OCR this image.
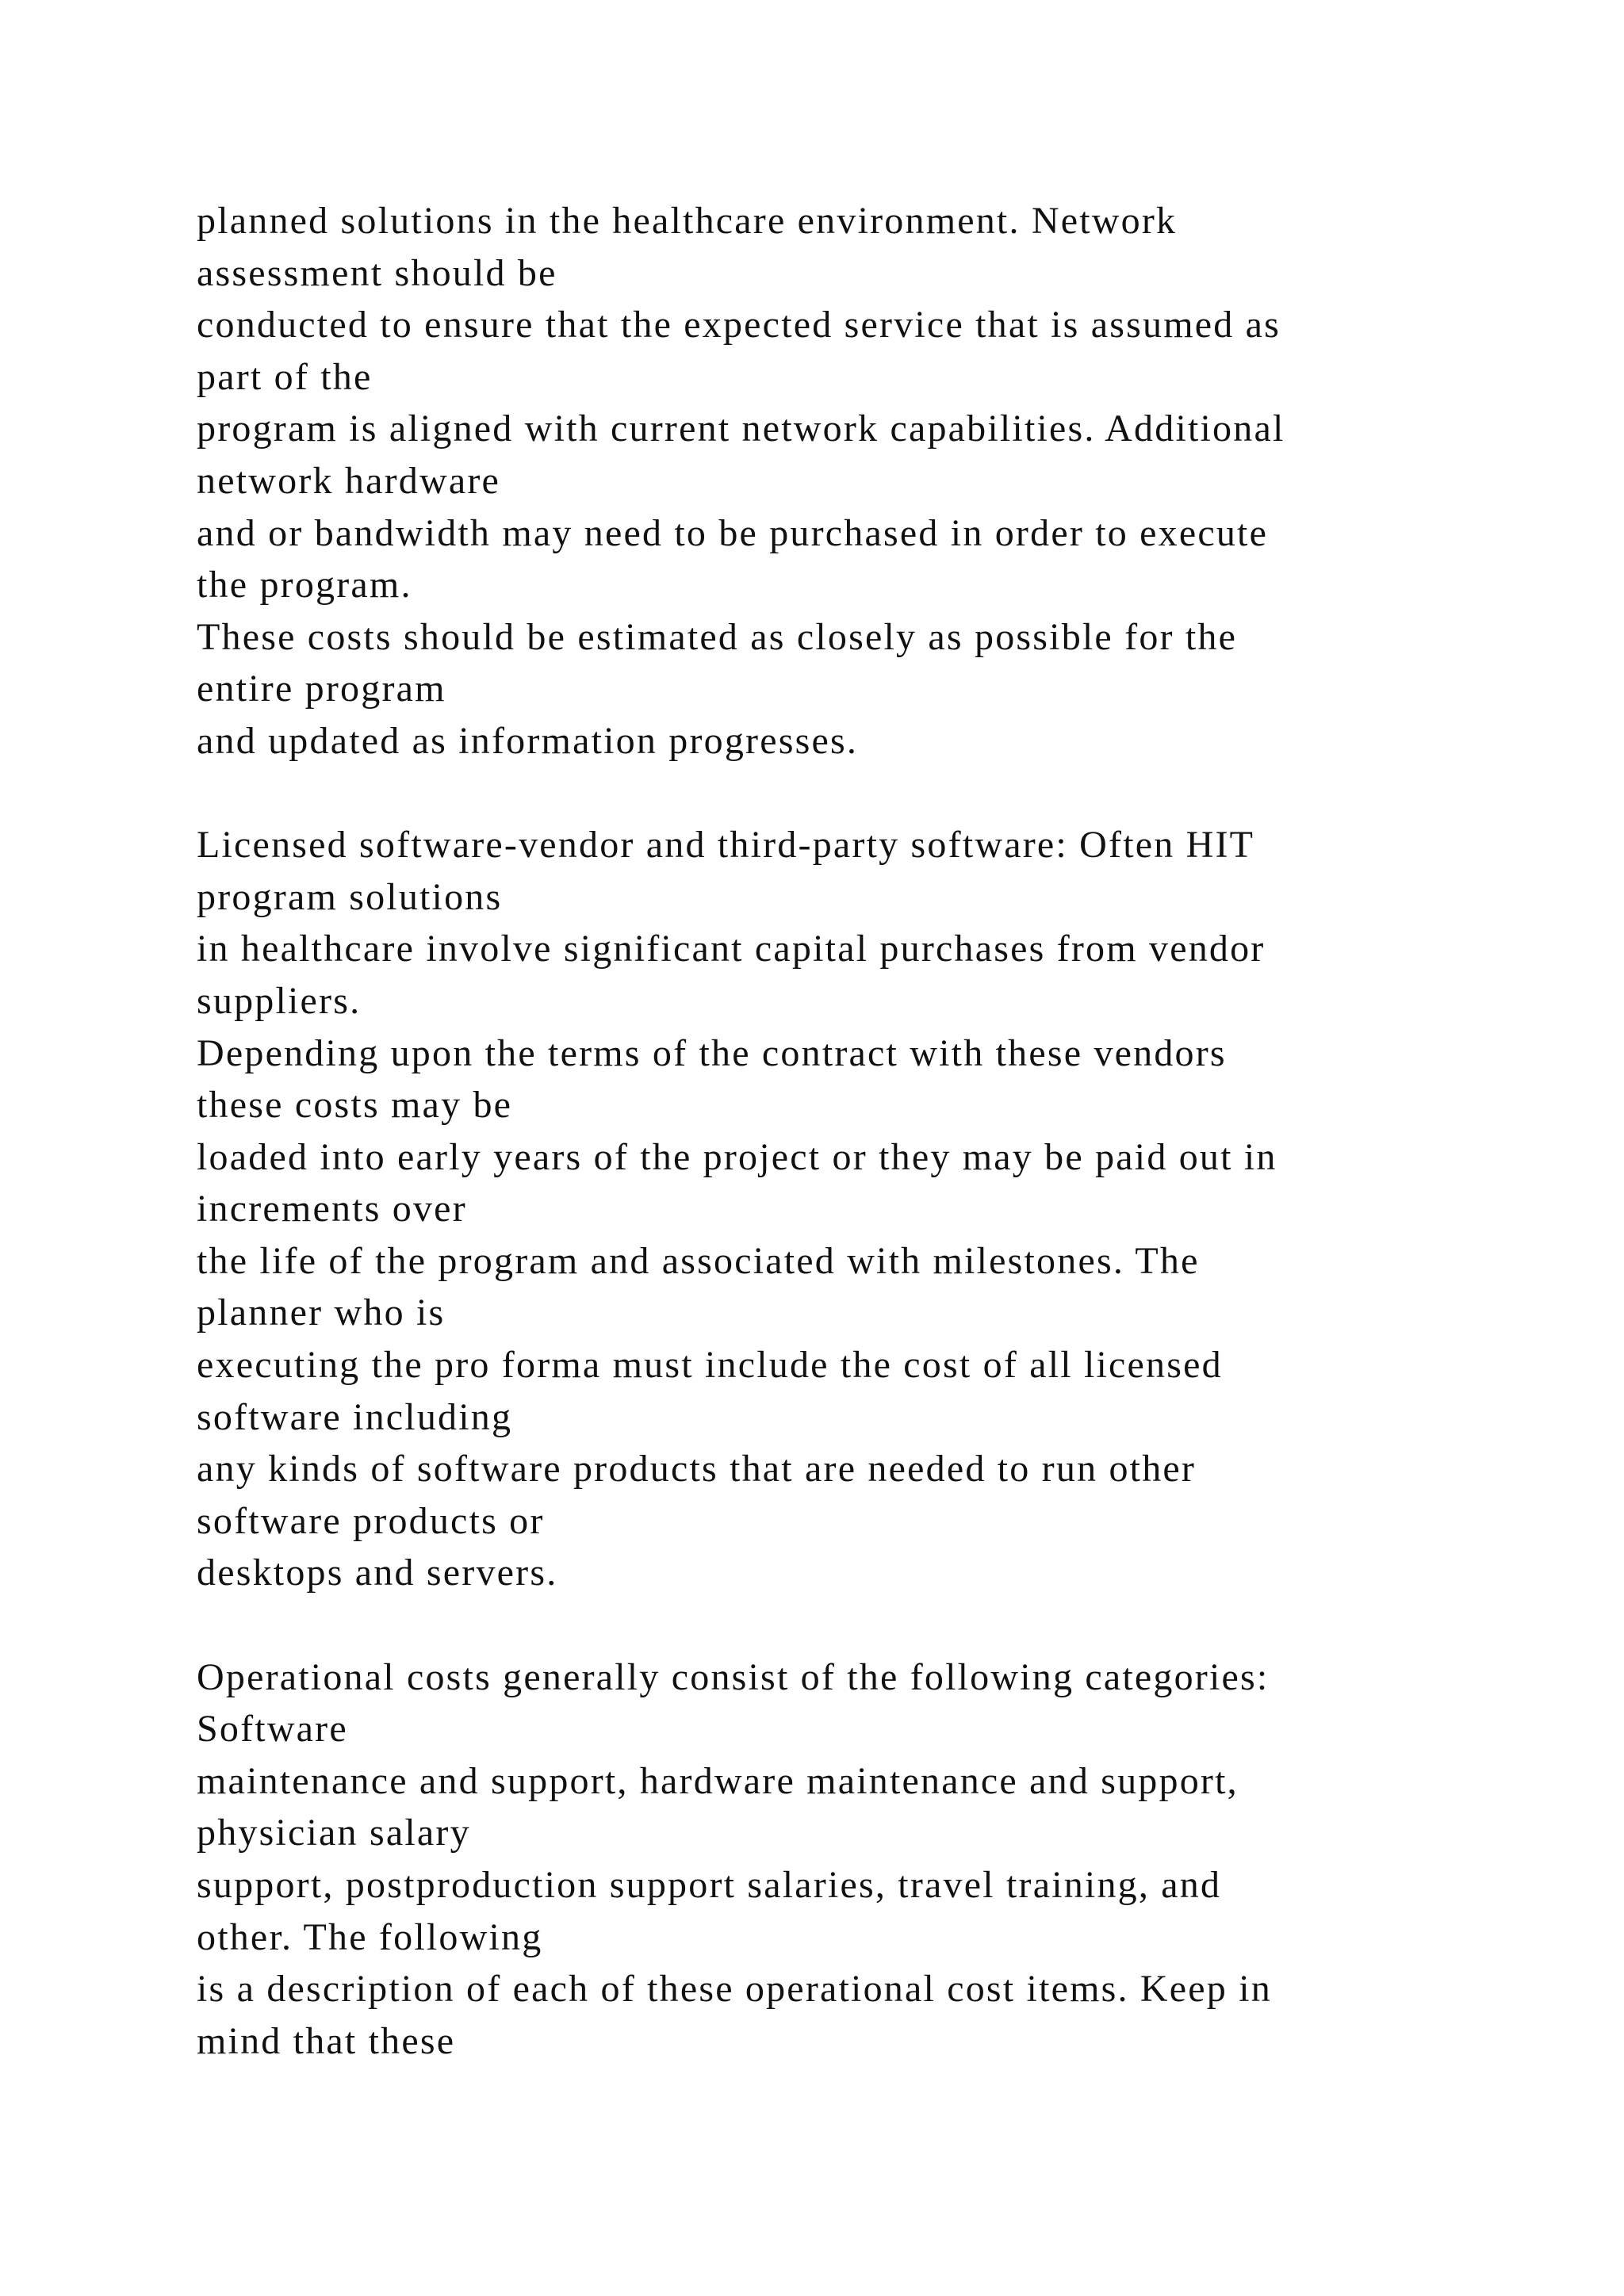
planned solutions in the healthcare environment. Network
assessment should be
conducted to ensure that the expected service that is assumed as
part of the
program is aligned with current network capabilities. Additional
network hardware
and or bandwidth may need to be purchased in order to execute
the program.
These costs should be estimated as closely as possible for the
entire program
and updated as information progresses.
Licensed software-vendor and third-party software: Often HIT
program solutions
in healthcare involve significant capital purchases from vendor
suppliers.
Depending upon the terms of the contract with these vendors
these costs may be
loaded into early years of the project or they may be paid out in
increments over
the life of the program and associated with milestones. The
planner who is
executing the pro forma must include the cost of all licensed
software including
any kinds of software products that are needed to run other
software products or
desktops and servers.
Operational costs generally consist of the following categories:
Software
maintenance and support, hardware maintenance and support,
physician salary
support, postproduction support salaries, travel training, and
other. The following
is a description of each of these operational cost items. Keep in
mind that these
